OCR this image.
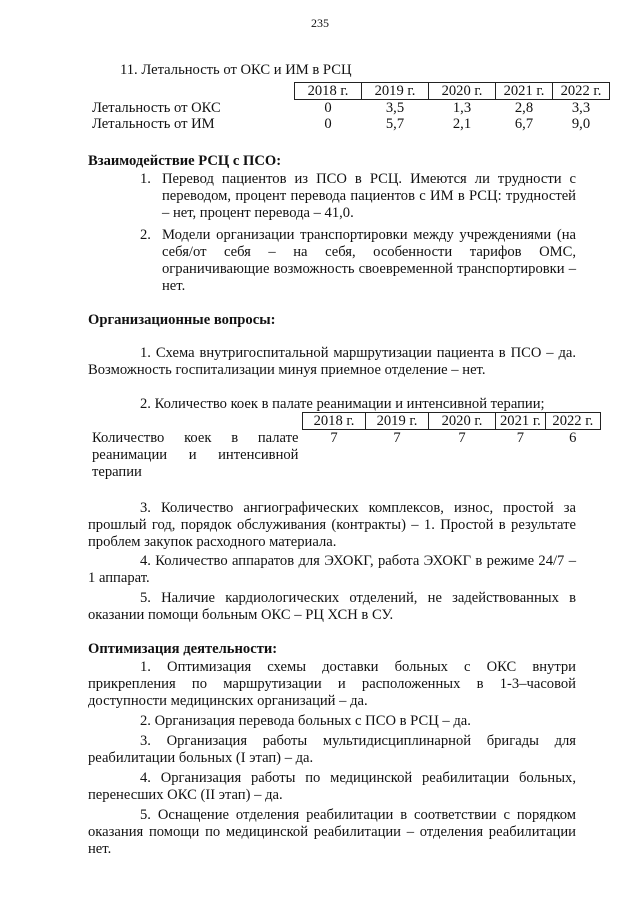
235
11. Летальность от ОКС и ИМ в РСЦ
	2018 г.	2019 г.	2020 г.	2021 г.	2022 г.
Летальность от ОКС	0	3,5	1,3	2,8	3,3
Летальность от ИМ	0	5,7	2,1	6,7	9,0
Взаимодействие РСЦ с ПСО:
1. Перевод пациентов из ПСО в РСЦ. Имеются ли трудности с переводом, процент перевода пациентов с ИМ в РСЦ: трудностей – нет, процент перевода – 41,0.
2. Модели организации транспортировки между учреждениями (на себя/от себя – на себя, особенности тарифов ОМС, ограничивающие возможность своевременной транспортировки – нет.
Организационные вопросы:

1. Схема внутригоспитальной маршрутизации пациента в ПСО – да. Возможность госпитализации минуя приемное отделение – нет.

2. Количество коек в палате реанимации и интенсивной терапии;
	2018 г.	2019 г.	2020 г.	2021 г.	2022 г.
Количество коек в палате реанимации и интенсивной терапии	7	7	7	7	6

3. Количество ангиографических комплексов, износ, простой за прошлый год, порядок обслуживания (контракты) – 1. Простой в результате проблем закупок расходного материала.

4. Количество аппаратов для ЭХОКГ, работа ЭХОКГ в режиме 24/7 – 1 аппарат.

5. Наличие кардиологических отделений, не задействованных в оказании помощи больным ОКС – РЦ ХСН в СУ.

Оптимизация деятельности:

1. Оптимизация схемы доставки больных с ОКС внутри прикрепления по маршрутизации и расположенных в 1-3–часовой доступности медицинских организаций – да.

2. Организация перевода больных с ПСО в РСЦ – да.

3. Организация работы мультидисциплинарной бригады для реабилитации больных (I этап) – да.

4. Организация работы по медицинской реабилитации больных, перенесших ОКС (II этап) – да.

5. Оснащение отделения реабилитации в соответствии с порядком оказания помощи по медицинской реабилитации – отделения реабилитации нет.
